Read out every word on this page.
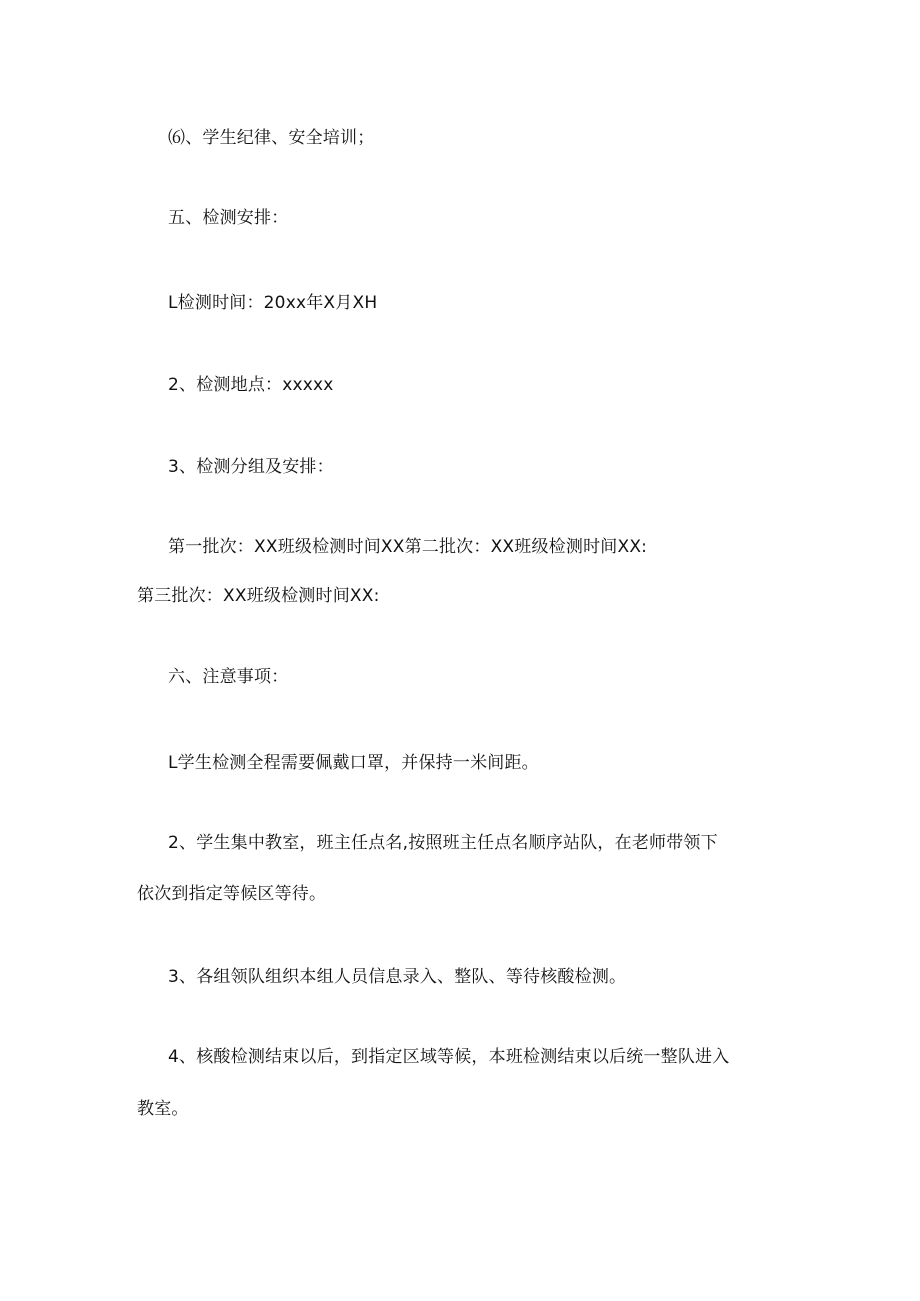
⑹、学生纪律、安全培训；
五、检测安排：
L检测时间：20xx年X月XH
2、检测地点：xxxxx
3、检测分组及安排：
第一批次：XX班级检测时间XX第二批次：XX班级检测时间XX:
第三批次：XX班级检测时间XX:
六、注意事项：
L学生检测全程需要佩戴口罩，并保持一米间距。
2、学生集中教室，班主任点名,按照班主任点名顺序站队，在老师带领下
依次到指定等候区等待。
3、各组领队组织本组人员信息录入、整队、等待核酸检测。
4、核酸检测结束以后，到指定区域等候，本班检测结束以后统一整队进入
教室。
